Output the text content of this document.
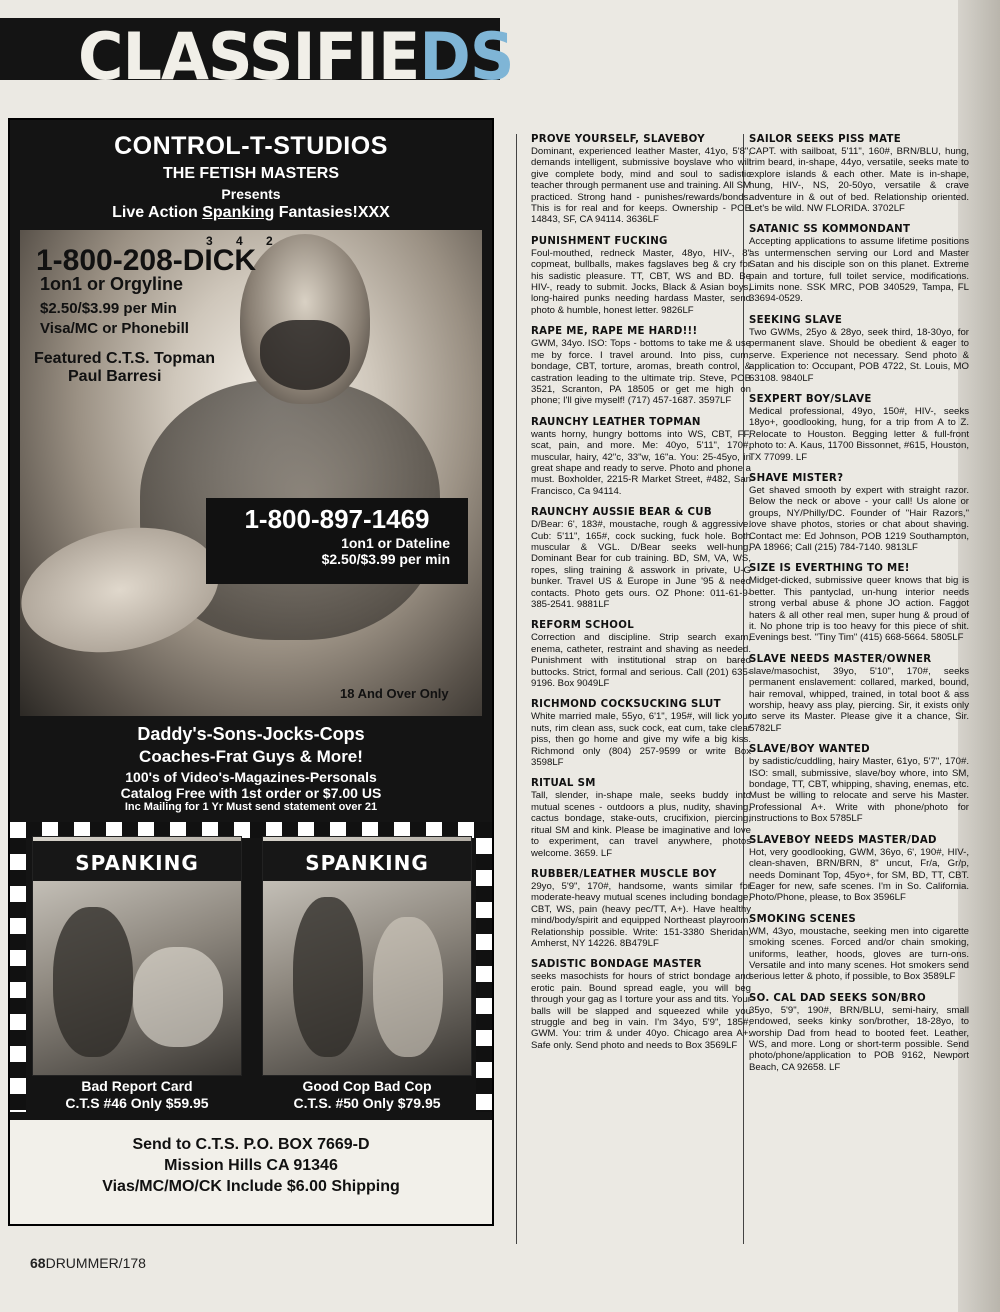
CLASSIFIEDS
CONTROL-T-STUDIOS
THE FETISH MASTERS
Presents
Live Action Spanking Fantasies!XXX
3 4 2
1-800-208-DICK
1on1 or Orgyline
$2.50/$3.99 per Min
Visa/MC or Phonebill
Featured C.T.S. Topman
Paul Barresi
1-800-897-1469
1on1 or Dateline
$2.50/$3.99 per min
18 And Over Only
Daddy's-Sons-Jocks-Cops
Coaches-Frat Guys & More!
100's of Video's-Magazines-Personals
Catalog Free with 1st order or $7.00 US
Inc Mailing for 1 Yr Must send statement over 21
SPANKING	SPANKING
Bad Report Card
C.T.S #46 Only $59.95
Good Cop Bad Cop
C.T.S. #50 Only $79.95
Send to C.T.S. P.O. BOX 7669-D
Mission Hills CA 91346
Vias/MC/MO/CK Include $6.00 Shipping
PROVE YOURSELF, SLAVEBOY
Dominant, experienced leather Master, 41yo, 5'8", demands intelligent, submissive boyslave who will give complete body, mind and soul to sadistic teacher through permanent use and training. All SM practiced. Strong hand - punishes/rewards/bonds. This is for real and for keeps. Ownership - POB 14843, SF, CA 94114. 3636LF
PUNISHMENT FUCKING
Foul-mouthed, redneck Master, 48yo, HIV-, 8" copmeat, bullballs, makes fagslaves beg & cry for his sadistic pleasure. TT, CBT, WS and BD. Be HIV-, ready to submit. Jocks, Black & Asian boys, long-haired punks needing hardass Master, send photo & humble, honest letter. 9826LF
RAPE ME, RAPE ME HARD!!!
GWM, 34yo. ISO: Tops - bottoms to take me & use me by force. I travel around. Into piss, cum, bondage, CBT, torture, aromas, breath control, & castration leading to the ultimate trip. Steve, POB 3521, Scranton, PA 18505 or get me high on phone; I'll give myself! (717) 457-1687. 3597LF
RAUNCHY LEATHER TOPMAN
wants horny, hungry bottoms into WS, CBT, FF, scat, pain, and more. Me: 40yo, 5'11", 170#, muscular, hairy, 42"c, 33"w, 16"a. You: 25-45yo, in great shape and ready to serve. Photo and phone a must. Boxholder, 2215-R Market Street, #482, San Francisco, Ca 94114.
RAUNCHY AUSSIE BEAR & CUB
D/Bear: 6', 183#, moustache, rough & aggressive. Cub: 5'11", 165#, cock sucking, fuck hole. Both muscular & VGL. D/Bear seeks well-hung, Dominant Bear for cub training. BD, SM, VA, WS, ropes, sling training & asswork in private, U-G bunker. Travel US & Europe in June '95 & need contacts. Photo gets ours. OZ Phone: 011-61-9-385-2541. 9881LF
REFORM SCHOOL
Correction and discipline. Strip search exam, enema, catheter, restraint and shaving as needed. Punishment with institutional strap on bared buttocks. Strict, formal and serious. Call (201) 635-9196. Box 9049LF
RICHMOND COCKSUCKING SLUT
White married male, 55yo, 6'1", 195#, will lick your nuts, rim clean ass, suck cock, eat cum, take clear piss, then go home and give my wife a big kiss. Richmond only (804) 257-9599 or write Box 3598LF
RITUAL SM
Tall, slender, in-shape male, seeks buddy into mutual scenes - outdoors a plus, nudity, shaving, cactus bondage, stake-outs, crucifixion, piercing, ritual SM and kink. Please be imaginative and love to experiment, can travel anywhere, photos welcome. 3659. LF
RUBBER/LEATHER MUSCLE BOY
29yo, 5'9", 170#, handsome, wants similar for moderate-heavy mutual scenes including bondage, CBT, WS, pain (heavy pec/TT, A+). Have healthy mind/body/spirit and equipped Northeast playroom. Relationship possible. Write: 151-3380 Sheridan, Amherst, NY 14226. 8B479LF
SADISTIC BONDAGE MASTER
seeks masochists for hours of strict bondage and erotic pain. Bound spread eagle, you will beg through your gag as I torture your ass and tits. Your balls will be slapped and squeezed while you struggle and beg in vain. I'm 34yo, 5'9", 185#, GWM. You: trim & under 40yo. Chicago area A+. Safe only. Send photo and needs to Box 3569LF
SAILOR SEEKS PISS MATE
CAPT. with sailboat, 5'11", 160#, BRN/BLU, hung, trim beard, in-shape, 44yo, versatile, seeks mate to explore islands & each other. Mate is in-shape, hung, HIV-, NS, 20-50yo, versatile & crave adventure in & out of bed. Relationship oriented. Let's be wild. NW FLORIDA. 3702LF
SATANIC SS KOMMONDANT
Accepting applications to assume lifetime positions as untermenschen serving our Lord and Master Satan and his disciple son on this planet. Extreme pain and torture, full toilet service, modifications. Limits none. SSK MRC, POB 340529, Tampa, FL 33694-0529.
SEEKING SLAVE
Two GWMs, 25yo & 28yo, seek third, 18-30yo, for permanent slave. Should be obedient & eager to serve. Experience not necessary. Send photo & application to: Occupant, POB 4722, St. Louis, MO 63108. 9840LF
SEXPERT BOY/SLAVE
Medical professional, 49yo, 150#, HIV-, seeks 18yo+, goodlooking, hung, for a trip from A to Z. Relocate to Houston. Begging letter & full-front photo to: A. Kaus, 11700 Bissonnet, #615, Houston, TX 77099. LF
SHAVE MISTER?
Get shaved smooth by expert with straight razor. Below the neck or above - your call! Us alone or groups, NY/Philly/DC. Founder of "Hair Razors," love shave photos, stories or chat about shaving. Contact me: Ed Johnson, POB 1219 Southampton, PA 18966; Call (215) 784-7140. 9813LF
SIZE IS EVERTHING TO ME!
Midget-dicked, submissive queer knows that big is better. This pantyclad, un-hung interior needs strong verbal abuse & phone JO action. Faggot haters & all other real men, super hung & proud of it. No phone trip is too heavy for this piece of shit. Evenings best. "Tiny Tim" (415) 668-5664. 5805LF
SLAVE NEEDS MASTER/OWNER
slave/masochist, 39yo, 5'10", 170#, seeks permanent enslavement: collared, marked, bound, hair removal, whipped, trained, in total boot & ass worship, heavy ass play, piercing. Sir, it exists only to serve its Master. Please give it a chance, Sir. 5782LF
SLAVE/BOY WANTED
by sadistic/cuddling, hairy Master, 61yo, 5'7", 170#. ISO: small, submissive, slave/boy whore, into SM, bondage, TT, CBT, whipping, shaving, enemas, etc. Must be willing to relocate and serve his Master. Professional A+. Write with phone/photo for instructions to Box 5785LF
SLAVEBOY NEEDS MASTER/DAD
Hot, very goodlooking, GWM, 36yo, 6', 190#, HIV-, clean-shaven, BRN/BRN, 8" uncut, Fr/a, Gr/p, needs Dominant Top, 45yo+, for SM, BD, TT, CBT. Eager for new, safe scenes. I'm in So. California. Photo/Phone, please, to Box 3596LF
SMOKING SCENES
WM, 43yo, moustache, seeking men into cigarette smoking scenes. Forced and/or chain smoking, uniforms, leather, hoods, gloves are turn-ons. Versatile and into many scenes. Hot smokers send serious letter & photo, if possible, to Box 3589LF
SO. CAL DAD SEEKS SON/BRO
35yo, 5'9", 190#, BRN/BLU, semi-hairy, small endowed, seeks kinky son/brother, 18-28yo, to worship Dad from head to booted feet. Leather, WS, and more. Long or short-term possible. Send photo/phone/application to POB 9162, Newport Beach, CA 92658. LF
68DRUMMER/178
